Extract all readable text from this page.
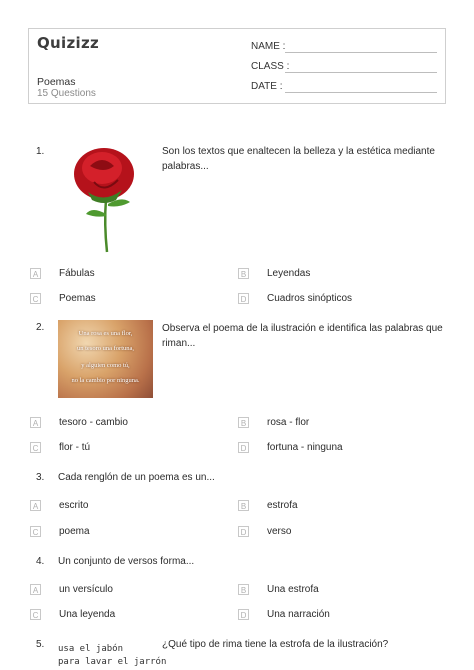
Quizizz
Poemas
15 Questions
NAME :
CLASS :
DATE :
1.	Son los textos que enaltecen la belleza y la estética mediante palabras...
A Fábulas	B Leyendas
C Poemas	D Cuadros sinópticos
2.
Una rosa es una flor,
un tesoro una fortuna,
y alguien como tú,
no la cambio por ninguna.
Observa el poema de la ilustración e identifica las palabras que riman...
A tesoro - cambio	B rosa - flor
C flor - tú	D fortuna - ninguna
3. Cada renglón de un poema es un...
A escrito	B estrofa
C poema	D verso
4. Un conjunto de versos forma...
A un versículo	B Una estrofa
C Una leyenda	D Una narración
5. usa el jabón
para lavar el jarrón
¿Qué tipo de rima tiene la estrofa de la ilustración?
